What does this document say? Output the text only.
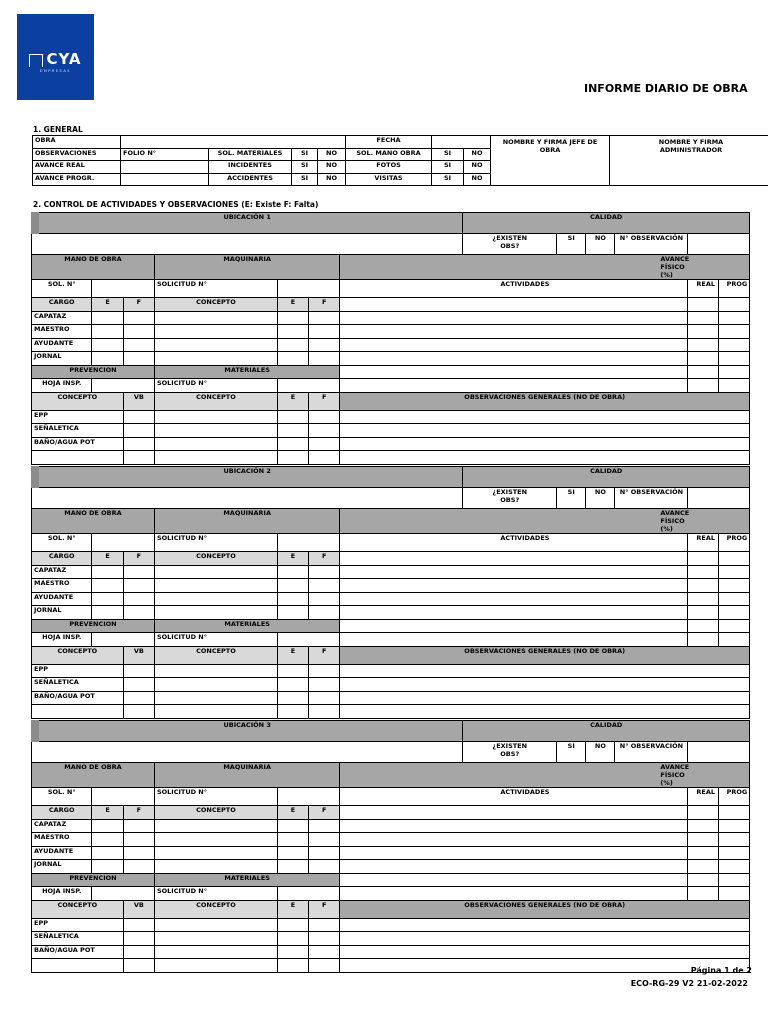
CYA
EMPRESAS
INFORME DIARIO DE OBRA
1. GENERAL
OBRA					FECHA			NOMBRE Y FIRMA JEFE DE OBRA	NOMBRE Y FIRMA ADMINISTRADOR
OBSERVACIONES	FOLIO N°	SOL. MATERIALES	SI	NO	SOL. MANO OBRA	SI	NO		
AVANCE REAL		INCIDENTES	SI	NO	FOTOS	SI	NO		
AVANCE PROGR.		ACCIDENTES	SI	NO	VISITAS	SI	NO		
2. CONTROL DE ACTIVIDADES Y OBSERVACIONES (E: Existe F: Falta)
UBICACIÓN 1							CALIDAD					
							¿EXISTEN OBS?	SI	NO	N° OBSERVACIÓN		
MANO DE OBRA			MAQUINARIA			AVANCE FÍSICO (%)						
SOL. N°			SOLICITUD N°			ACTIVIDADES					REAL	PROG
CARGO	E	F	CONCEPTO	E	F							
CAPATAZ												
MAESTRO												
AYUDANTE												
JORNAL												
PREVENCION			MATERIALES									
HOJA INSP.			SOLICITUD N°									
CONCEPTO		VB	CONCEPTO	E	F	OBSERVACIONES GENERALES (NO DE OBRA)						
EPP												
SEÑALETICA												
BAÑO/AGUA POT												

UBICACIÓN 2							CALIDAD					
							¿EXISTEN OBS?	SI	NO	N° OBSERVACIÓN		
MANO DE OBRA			MAQUINARIA			AVANCE FÍSICO (%)						
SOL. N°			SOLICITUD N°			ACTIVIDADES					REAL	PROG
CARGO	E	F	CONCEPTO	E	F							
CAPATAZ												
MAESTRO												
AYUDANTE												
JORNAL												
PREVENCION			MATERIALES									
HOJA INSP.			SOLICITUD N°									
CONCEPTO		VB	CONCEPTO	E	F	OBSERVACIONES GENERALES (NO DE OBRA)						
EPP												
SEÑALETICA												
BAÑO/AGUA POT												

UBICACIÓN 3							CALIDAD					
							¿EXISTEN OBS?	SI	NO	N° OBSERVACIÓN		
MANO DE OBRA			MAQUINARIA			AVANCE FÍSICO (%)						
SOL. N°			SOLICITUD N°			ACTIVIDADES					REAL	PROG
CARGO	E	F	CONCEPTO	E	F							
CAPATAZ												
MAESTRO												
AYUDANTE												
JORNAL												
PREVENCION			MATERIALES									
HOJA INSP.			SOLICITUD N°									
CONCEPTO		VB	CONCEPTO	E	F	OBSERVACIONES GENERALES (NO DE OBRA)						
EPP												
SEÑALETICA												
BAÑO/AGUA POT												

Página 1 de 2
ECO-RG-29 V2 21-02-2022
